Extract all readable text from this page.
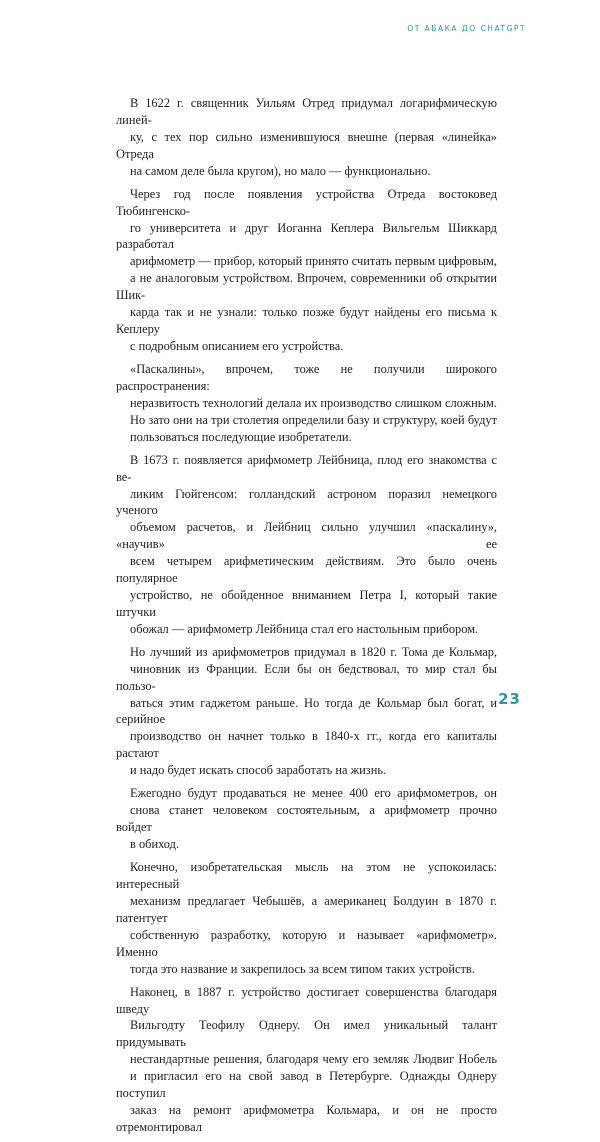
ОТ АБАКА ДО CHATGPT

В 1622 г. священник Уильям Отред придумал логарифмическую линей-
ку, с тех пор сильно изменившуюся внешне (первая «линейка» Отреда
на самом деле была кругом), но мало — функционально.

Через год после появления устройства Отреда востоковед Тюбингенско-
го университета и друг Иоганна Кеплера Вильгельм Шиккард разработал
арифмометр — прибор, который принято считать первым цифровым,
а не аналоговым устройством. Впрочем, современники об открытии Шик-
карда так и не узнали: только позже будут найдены его письма к Кеплеру
с подробным описанием его устройства.

«Паскалины», впрочем, тоже не получили широкого распространения:
неразвитость технологий делала их производство слишком сложным.
Но зато они на три столетия определили базу и структуру, коей будут
пользоваться последующие изобретатели.

В 1673 г. появляется арифмометр Лейбница, плод его знакомства с ве-
ликим Гюйгенсом: голландский астроном поразил немецкого ученого
объемом расчетов, и Лейбниц сильно улучшил «паскалину», «научив» ее
всем четырем арифметическим действиям. Это было очень популярное
устройство, не обойденное вниманием Петра I, который такие штучки
обожал — арифмометр Лейбница стал его настольным прибором.

Но лучший из арифмометров придумал в 1820 г. Тома де Кольмар,
чиновник из Франции. Если бы он бедствовал, то мир стал бы пользо-
ваться этим гаджетом раньше. Но тогда де Кольмар был богат, и серийное
производство он начнет только в 1840-х гг., когда его капиталы растают
и надо будет искать способ заработать на жизнь.

Ежегодно будут продаваться не менее 400 его арифмометров, он
снова станет человеком состоятельным, а арифмометр прочно войдет
в обиход.

Конечно, изобретательская мысль на этом не успокоилась: интересный
механизм предлагает Чебышёв, а американец Болдуин в 1870 г. патентует
собственную разработку, которую и называет «арифмометр». Именно
тогда это название и закрепилось за всем типом таких устройств.

Наконец, в 1887 г. устройство достигает совершенства благодаря шведу
Вильгодту Теофилу Однеру. Он имел уникальный талант придумывать
нестандартные решения, благодаря чему его земляк Людвиг Нобель
и пригласил его на свой завод в Петербурге. Однажды Однеру поступил
заказ на ремонт арифмометра Кольмара, и он не просто отремонтировал

23
